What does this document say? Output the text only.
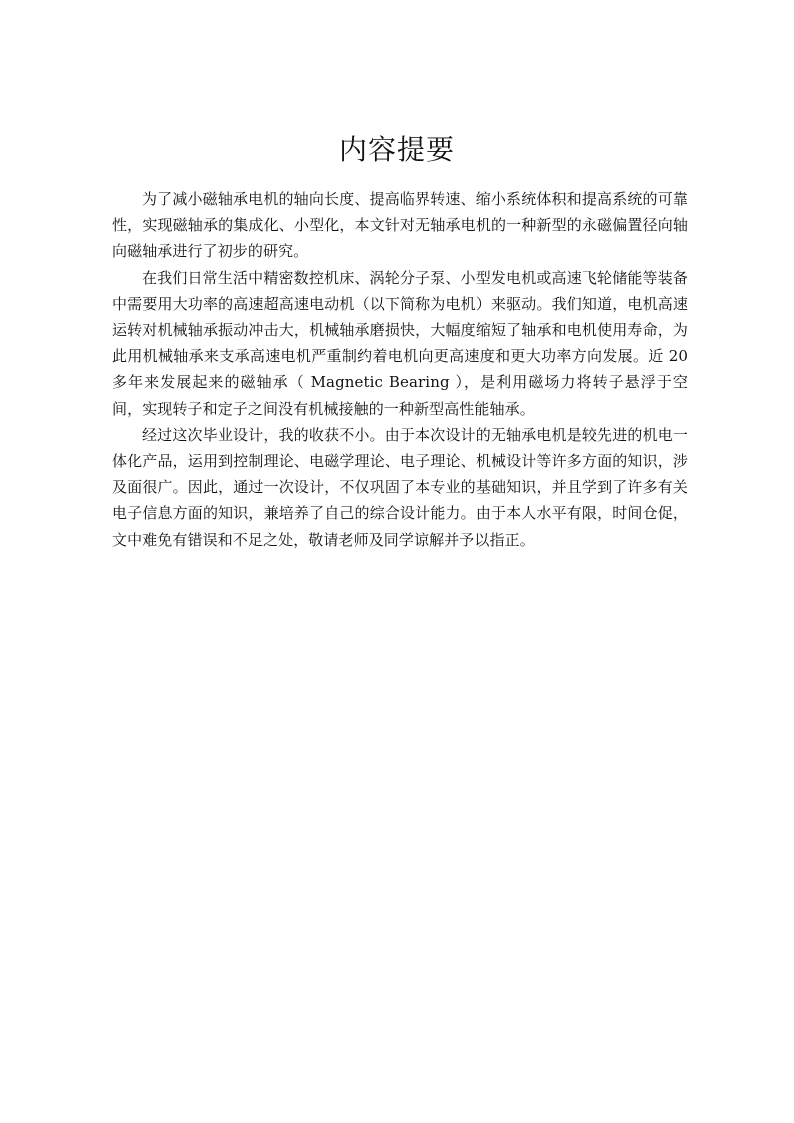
内容提要

为了减小磁轴承电机的轴向长度、提高临界转速、缩小系统体积和提高系统的可靠性，实现磁轴承的集成化、小型化，本文针对无轴承电机的一种新型的永磁偏置径向轴向磁轴承进行了初步的研究。

在我们日常生活中精密数控机床、涡轮分子泵、小型发电机或高速飞轮储能等装备中需要用大功率的高速超高速电动机（以下简称为电机）来驱动。我们知道，电机高速运转对机械轴承振动冲击大，机械轴承磨损快，大幅度缩短了轴承和电机使用寿命，为此用机械轴承来支承高速电机严重制约着电机向更高速度和更大功率方向发展。近 20 多年来发展起来的磁轴承（ Magnetic Bearing ），是利用磁场力将转子悬浮于空间，实现转子和定子之间没有机械接触的一种新型高性能轴承。

经过这次毕业设计，我的收获不小。由于本次设计的无轴承电机是较先进的机电一体化产品，运用到控制理论、电磁学理论、电子理论、机械设计等许多方面的知识，涉及面很广。因此，通过一次设计，不仅巩固了本专业的基础知识，并且学到了许多有关电子信息方面的知识，兼培养了自己的综合设计能力。由于本人水平有限，时间仓促，文中难免有错误和不足之处，敬请老师及同学谅解并予以指正。
